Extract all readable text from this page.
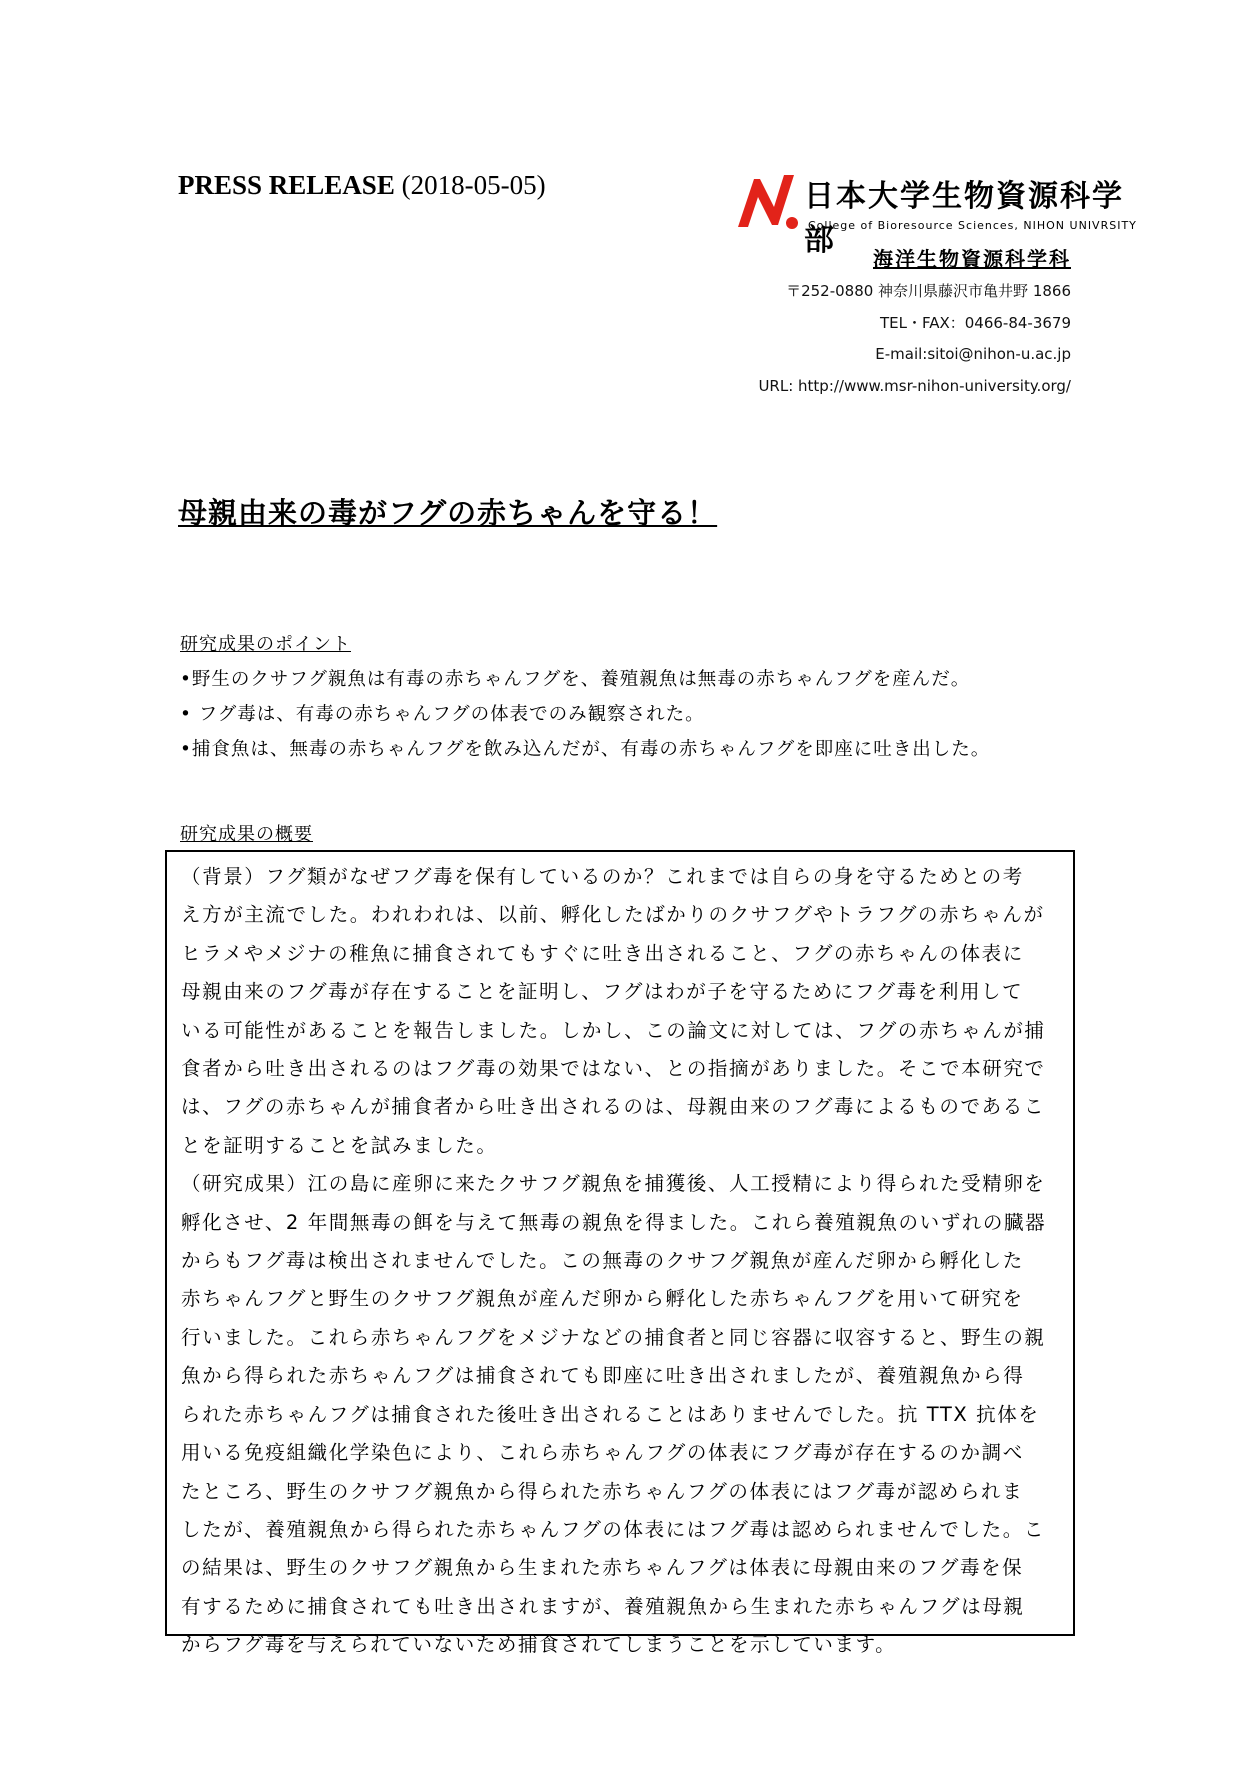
PRESS RELEASE (2018-05-05)	日本大学生物資源科学部
College of Bioresource Sciences, NIHON UNIVRSITY
海洋生物資源科学科
〒252-0880 神奈川県藤沢市亀井野 1866
TEL・FAX：0466-84-3679
E-mail:sitoi@nihon-u.ac.jp
URL: http://www.msr-nihon-university.org/
母親由来の毒がフグの赤ちゃんを守る！
研究成果のポイント
•野生のクサフグ親魚は有毒の赤ちゃんフグを、養殖親魚は無毒の赤ちゃんフグを産んだ。
• フグ毒は、有毒の赤ちゃんフグの体表でのみ観察された。
•捕食魚は、無毒の赤ちゃんフグを飲み込んだが、有毒の赤ちゃんフグを即座に吐き出した。
研究成果の概要

（背景）フグ類がなぜフグ毒を保有しているのか？これまでは自らの身を守るためとの考
え方が主流でした。われわれは、以前、孵化したばかりのクサフグやトラフグの赤ちゃんが
ヒラメやメジナの稚魚に捕食されてもすぐに吐き出されること、フグの赤ちゃんの体表に
母親由来のフグ毒が存在することを証明し、フグはわが子を守るためにフグ毒を利用して
いる可能性があることを報告しました。しかし、この論文に対しては、フグの赤ちゃんが捕
食者から吐き出されるのはフグ毒の効果ではない、との指摘がありました。そこで本研究で
は、フグの赤ちゃんが捕食者から吐き出されるのは、母親由来のフグ毒によるものであるこ
とを証明することを試みました。
（研究成果）江の島に産卵に来たクサフグ親魚を捕獲後、人工授精により得られた受精卵を
孵化させ、2 年間無毒の餌を与えて無毒の親魚を得ました。これら養殖親魚のいずれの臓器
からもフグ毒は検出されませんでした。この無毒のクサフグ親魚が産んだ卵から孵化した
赤ちゃんフグと野生のクサフグ親魚が産んだ卵から孵化した赤ちゃんフグを用いて研究を
行いました。これら赤ちゃんフグをメジナなどの捕食者と同じ容器に収容すると、野生の親
魚から得られた赤ちゃんフグは捕食されても即座に吐き出されましたが、養殖親魚から得
られた赤ちゃんフグは捕食された後吐き出されることはありませんでした。抗 TTX 抗体を
用いる免疫組織化学染色により、これら赤ちゃんフグの体表にフグ毒が存在するのか調べ
たところ、野生のクサフグ親魚から得られた赤ちゃんフグの体表にはフグ毒が認められま
したが、養殖親魚から得られた赤ちゃんフグの体表にはフグ毒は認められませんでした。こ
の結果は、野生のクサフグ親魚から生まれた赤ちゃんフグは体表に母親由来のフグ毒を保
有するために捕食されても吐き出されますが、養殖親魚から生まれた赤ちゃんフグは母親
からフグ毒を与えられていないため捕食されてしまうことを示しています。
